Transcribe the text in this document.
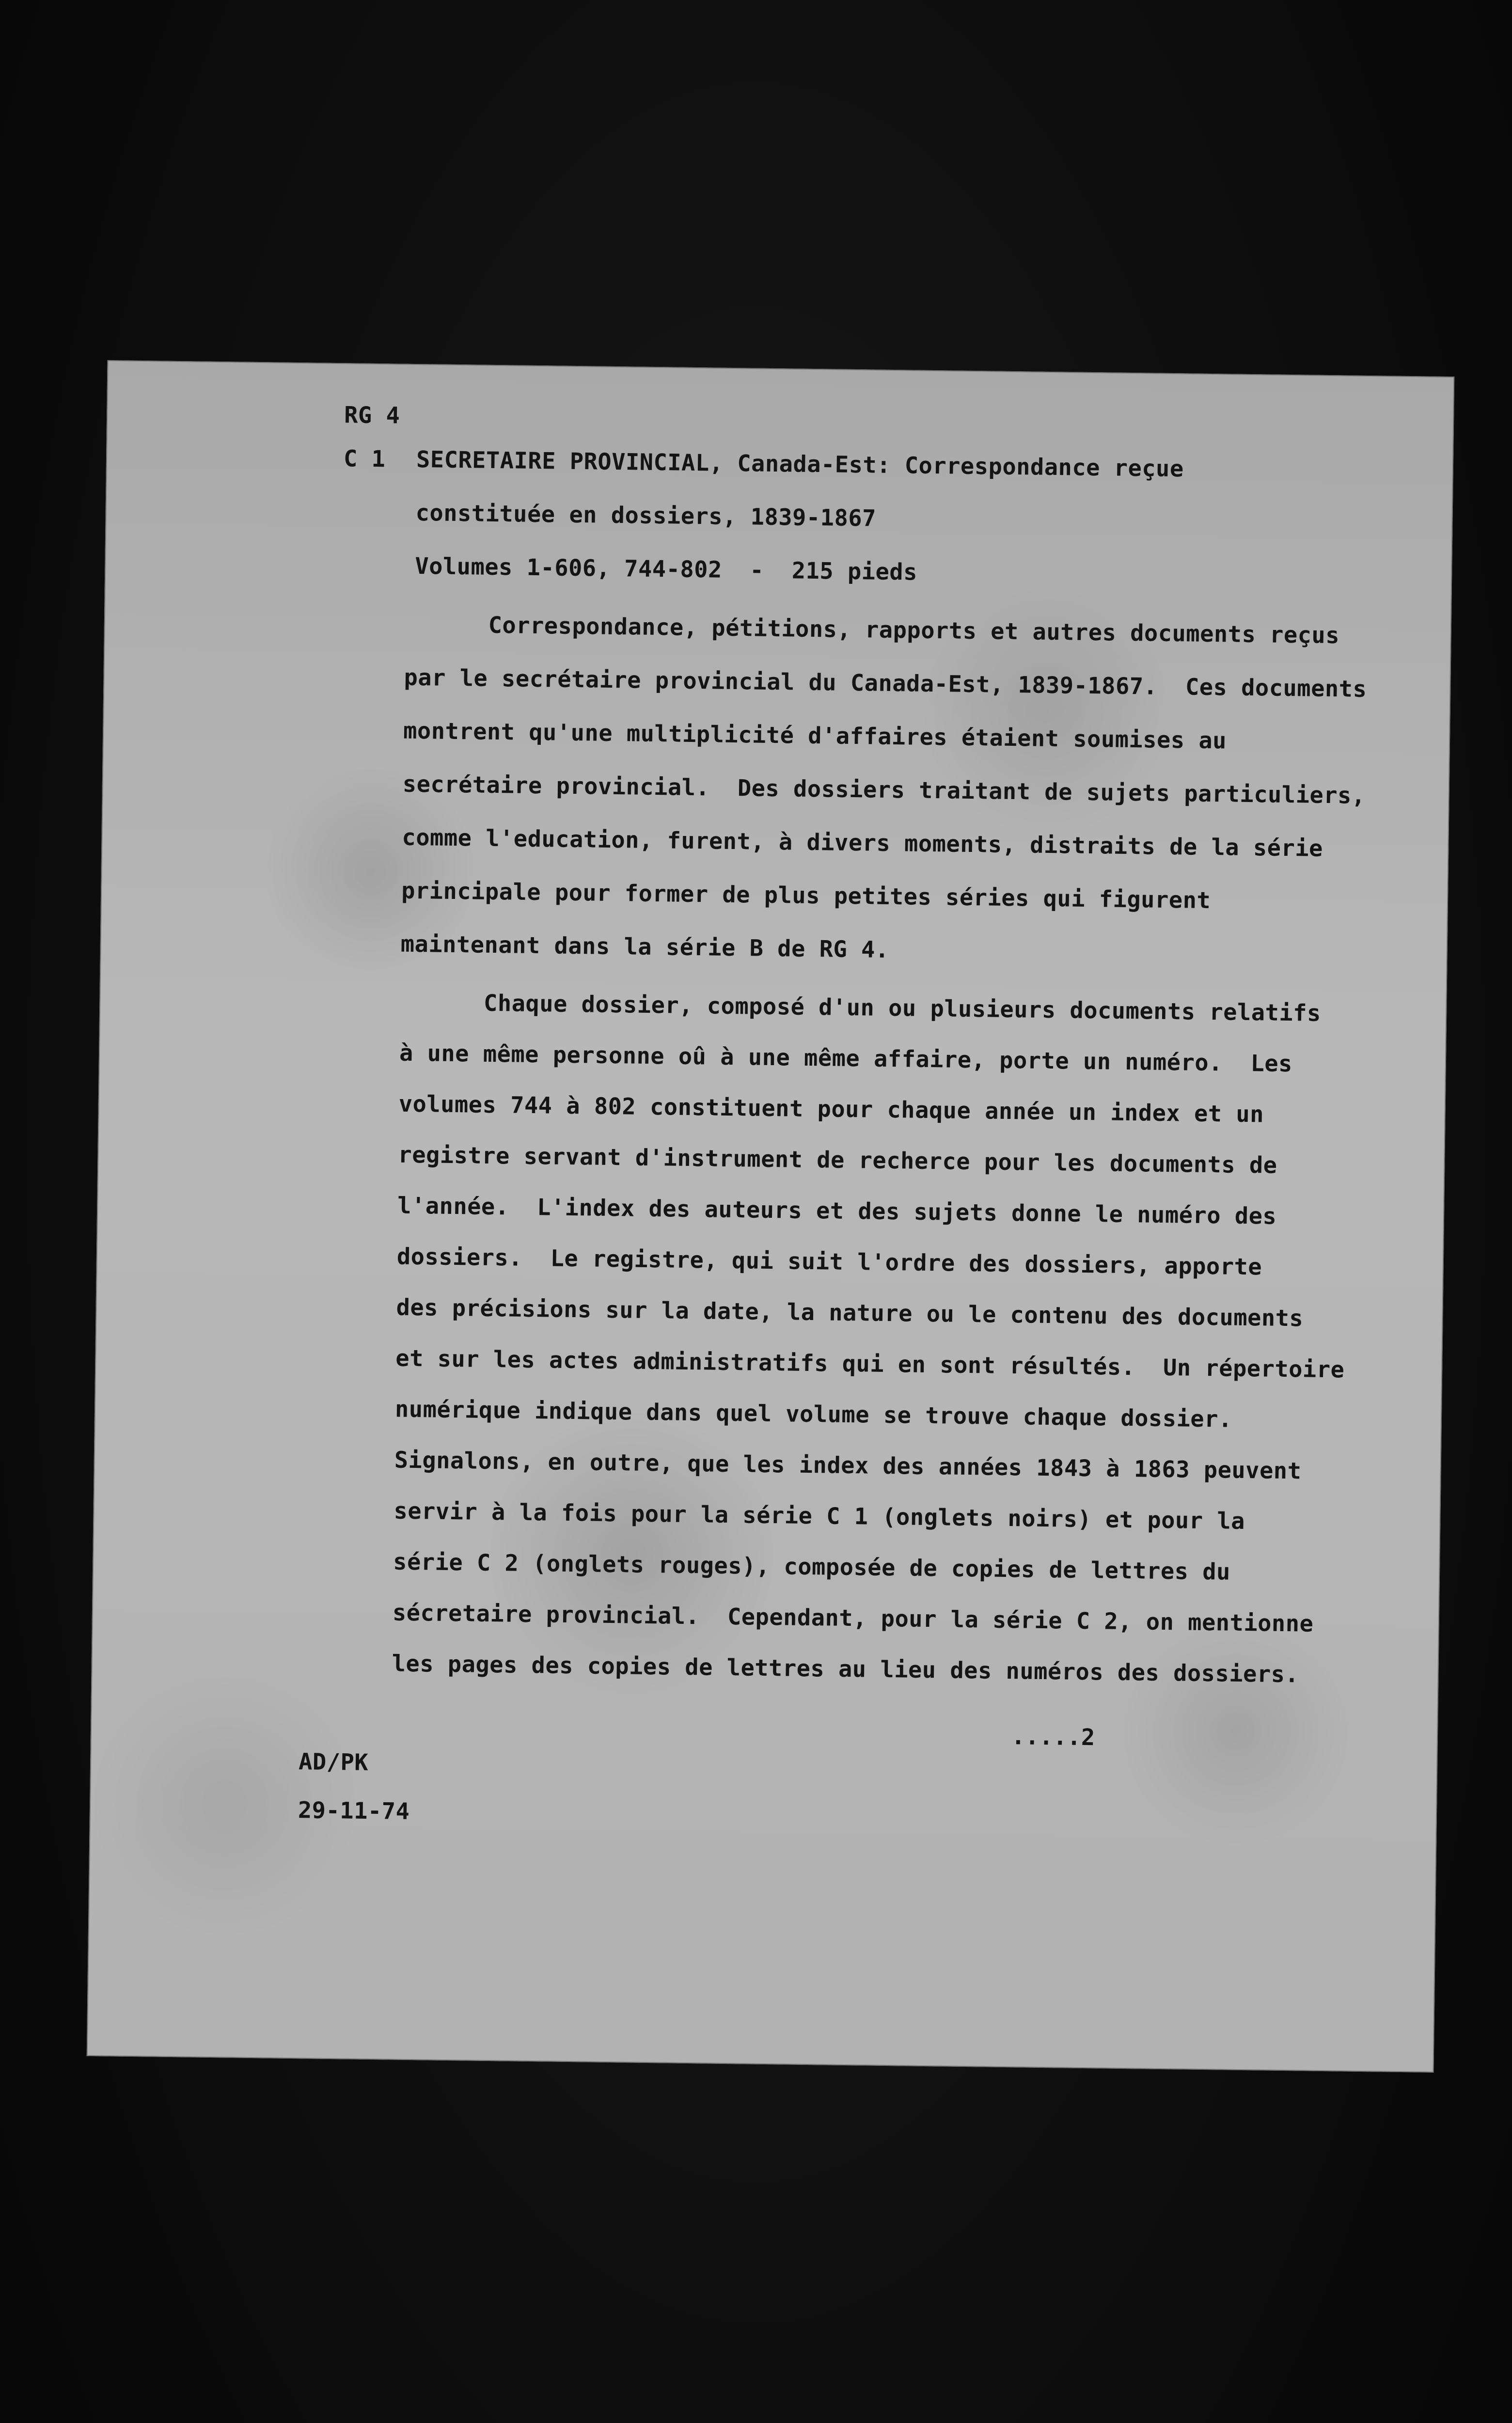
RG 4
C 1 SECRETAIRE PROVINCIAL, Canada-Est: Correspondance reçue
constituée en dossiers, 1839-1867
Volumes 1-606, 744-802  -  215 pieds
Correspondance, pétitions, rapports et autres documents reçus
par le secrétaire provincial du Canada-Est, 1839-1867.  Ces documents
montrent qu'une multiplicité d'affaires étaient soumises au
secrétaire provincial.  Des dossiers traitant de sujets particuliers,
comme l'education, furent, à divers moments, distraits de la série
principale pour former de plus petites séries qui figurent
maintenant dans la série B de RG 4.
Chaque dossier, composé d'un ou plusieurs documents relatifs
à une même personne oû à une même affaire, porte un numéro.  Les
volumes 744 à 802 constituent pour chaque année un index et un
registre servant d'instrument de recherce pour les documents de
l'année.  L'index des auteurs et des sujets donne le numéro des
dossiers.  Le registre, qui suit l'ordre des dossiers, apporte
des précisions sur la date, la nature ou le contenu des documents
et sur les actes administratifs qui en sont résultés.  Un répertoire
numérique indique dans quel volume se trouve chaque dossier.
Signalons, en outre, que les index des années 1843 à 1863 peuvent
servir à la fois pour la série C 1 (onglets noirs) et pour la
série C 2 (onglets rouges), composée de copies de lettres du
sécretaire provincial.  Cependant, pour la série C 2, on mentionne
les pages des copies de lettres au lieu des numéros des dossiers.
.....2
AD/PK
29-11-74
